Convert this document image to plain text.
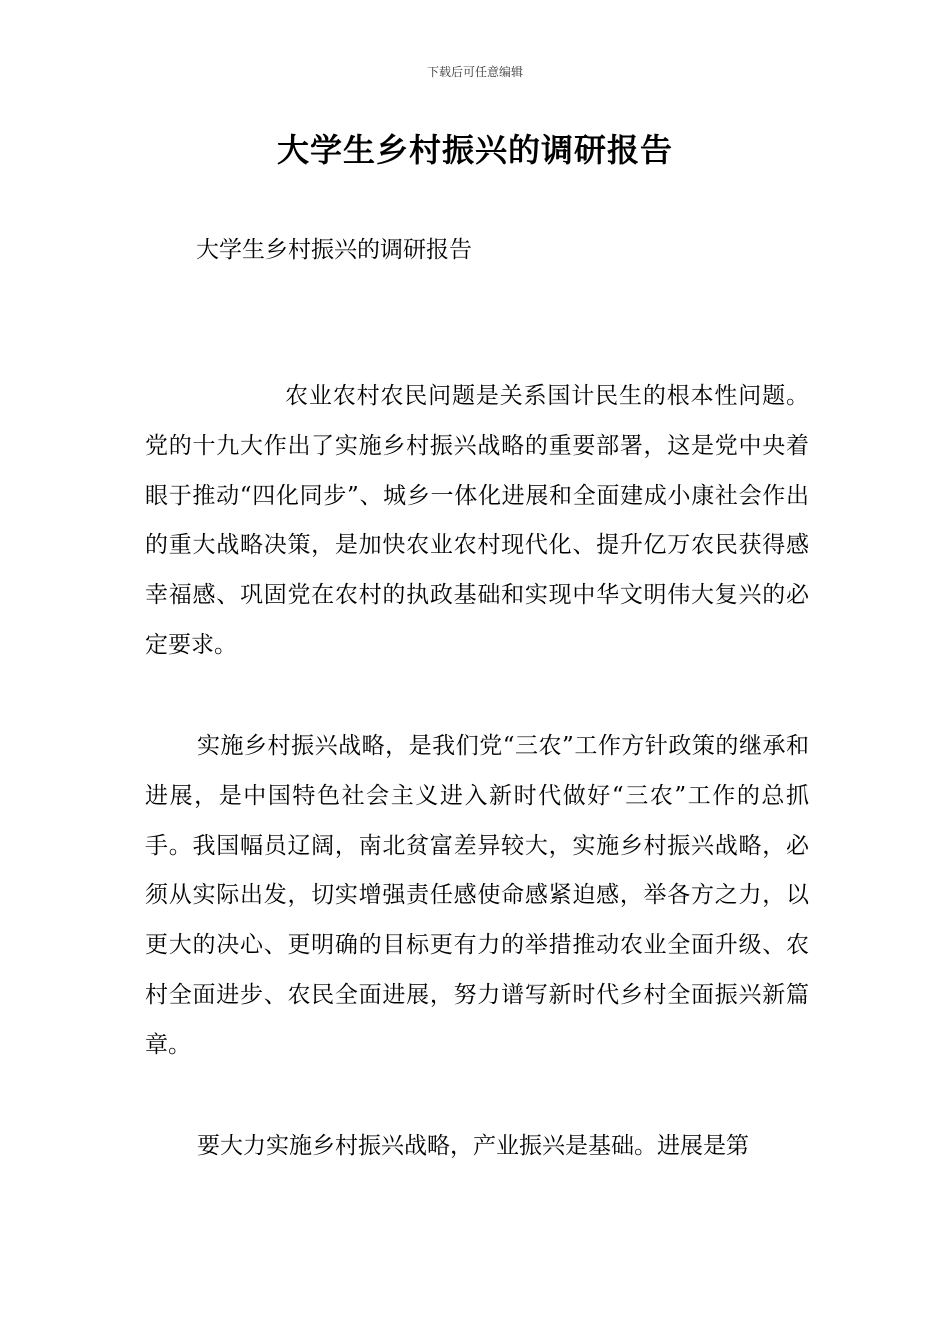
下载后可任意编辑
大学生乡村振兴的调研报告
大学生乡村振兴的调研报告

农业农村农民问题是关系国计民生的根本性问题。党的十九大作出了实施乡村振兴战略的重要部署，这是党中央着眼于推动“四化同步”、城乡一体化进展和全面建成小康社会作出的重大战略决策，是加快农业农村现代化、提升亿万农民获得感幸福感、巩固党在农村的执政基础和实现中华文明伟大复兴的必定要求。

实施乡村振兴战略，是我们党“三农”工作方针政策的继承和进展，是中国特色社会主义进入新时代做好“三农”工作的总抓手。我国幅员辽阔，南北贫富差异较大，实施乡村振兴战略，必须从实际出发，切实增强责任感使命感紧迫感，举各方之力，以更大的决心、更明确的目标更有力的举措推动农业全面升级、农村全面进步、农民全面进展，努力谱写新时代乡村全面振兴新篇章。

要大力实施乡村振兴战略，产业振兴是基础。进展是第
